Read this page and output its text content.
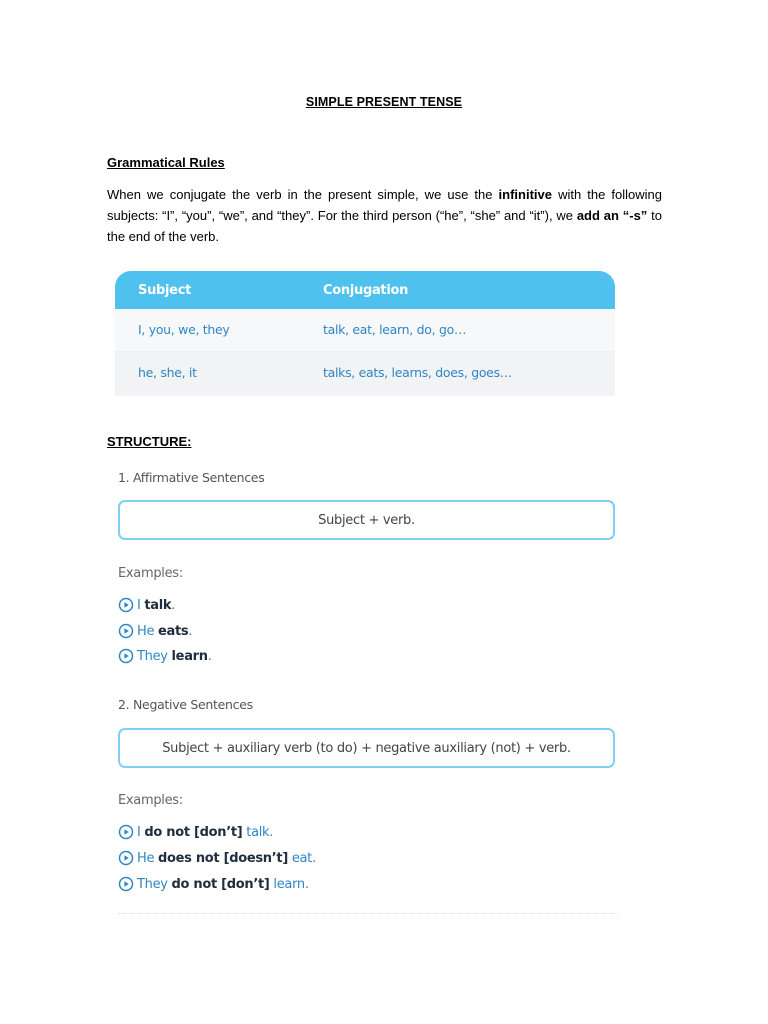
SIMPLE PRESENT TENSE
Grammatical Rules
When we conjugate the verb in the present simple, we use the infinitive with the following subjects: “I”, “you”, “we”, and “they”. For the third person (“he”, “she” and “it”), we add an “-s” to the end of the verb.
Subject	Conjugation
I, you, we, they	talk, eat, learn, do, go…
he, she, it	talks, eats, learns, does, goes…
STRUCTURE:
1. Affirmative Sentences
Subject + verb.
Examples:
I
talk .
He
eats .
They
learn .
2. Negative Sentences
Subject + auxiliary verb (to do) + negative auxiliary (not) + verb.
Examples:
I
do not [don’t]
talk .
He
does not [doesn’t]
eat .
They
do not [don’t]
learn .
